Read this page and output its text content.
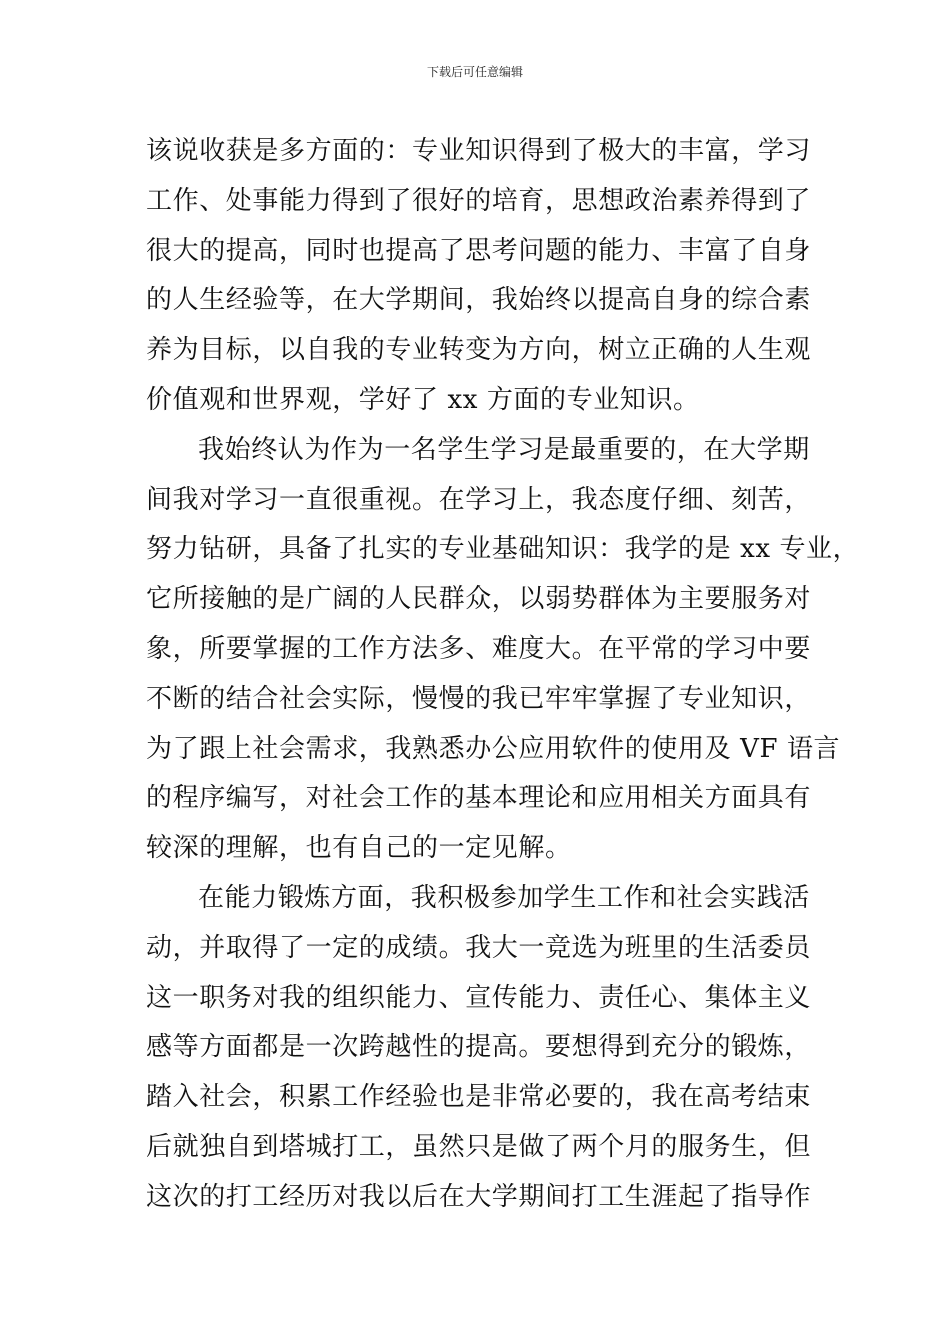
下载后可任意编辑
该说收获是多方面的：专业知识得到了极大的丰富，学习
工作、处事能力得到了很好的培育，思想政治素养得到了
很大的提高，同时也提高了思考问题的能力、丰富了自身
的人生经验等，在大学期间，我始终以提高自身的综合素
养为目标，以自我的专业转变为方向，树立正确的人生观
价值观和世界观，学好了 xx 方面的专业知识。
我始终认为作为一名学生学习是最重要的，在大学期
间我对学习一直很重视。在学习上，我态度仔细、刻苦，
努力钻研，具备了扎实的专业基础知识：我学的是 xx 专业，
它所接触的是广阔的人民群众，以弱势群体为主要服务对
象，所要掌握的工作方法多、难度大。在平常的学习中要
不断的结合社会实际，慢慢的我已牢牢掌握了专业知识，
为了跟上社会需求，我熟悉办公应用软件的使用及 VF 语言
的程序编写，对社会工作的基本理论和应用相关方面具有
较深的理解，也有自己的一定见解。
在能力锻炼方面，我积极参加学生工作和社会实践活
动，并取得了一定的成绩。我大一竞选为班里的生活委员
这一职务对我的组织能力、宣传能力、责任心、集体主义
感等方面都是一次跨越性的提高。要想得到充分的锻炼，
踏入社会，积累工作经验也是非常必要的，我在高考结束
后就独自到塔城打工，虽然只是做了两个月的服务生，但
这次的打工经历对我以后在大学期间打工生涯起了指导作
